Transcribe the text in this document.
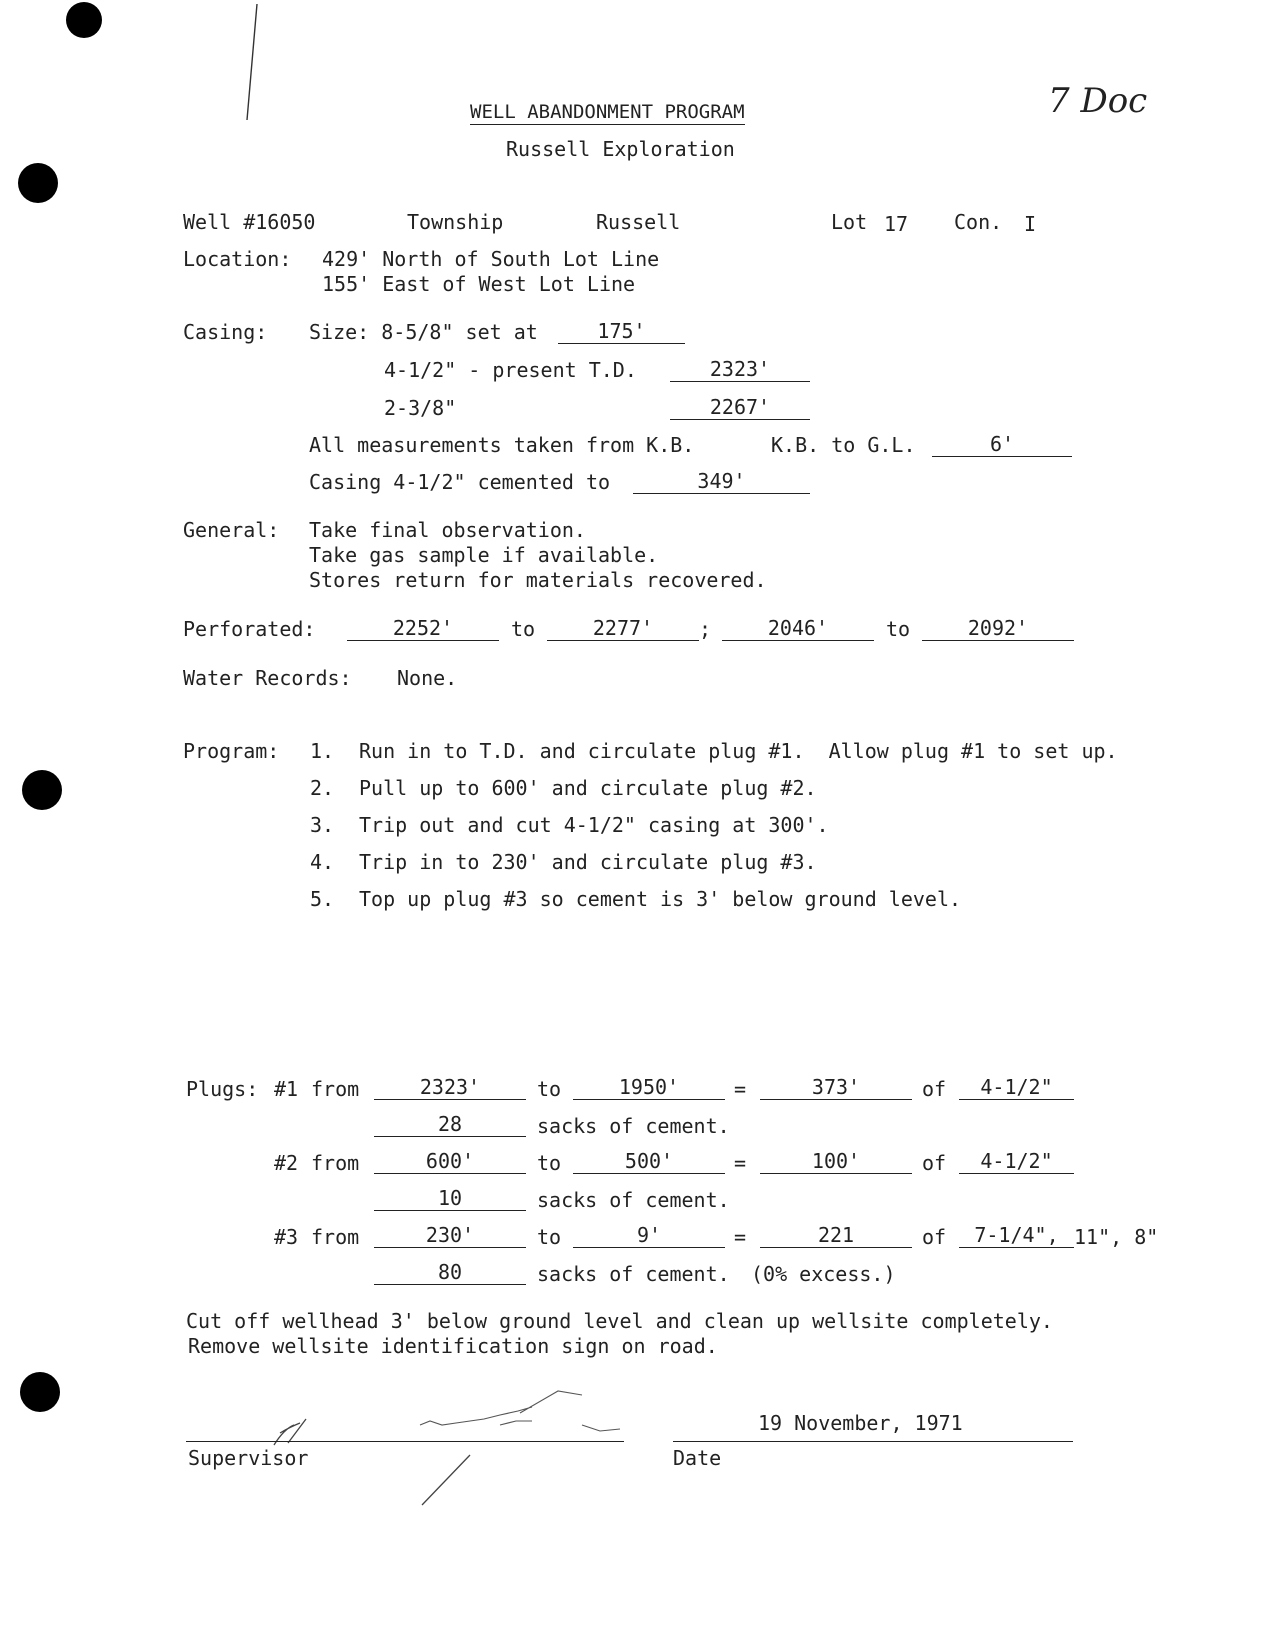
WELL ABANDONMENT PROGRAM
Russell Exploration
7 Doc
Well #16050	Township	Russell	Lot 17 Con. I
Location: 429' North of South Lot Line
155' East of West Lot Line
Casing: Size: 8-5/8" set at	175'
4-1/2" - present T.D.	2323'
2-3/8"	2267'
All measurements taken from K.B.	K.B. to G.L.	6'
Casing 4-1/2" cemented to	349'
General: Take final observation.
Take gas sample if available.
Stores return for materials recovered.
Perforated:	2252'	to	2277'	;	2046'	to	2092'
Water Records: None.
Program: 1. Run in to T.D. and circulate plug #1.  Allow plug #1 to set up.
2. Pull up to 600' and circulate plug #2.
3. Trip out and cut 4-1/2" casing at 300'.
4. Trip in to 230' and circulate plug #3.
5. Top up plug #3 so cement is 3' below ground level.
Plugs: #1 from	2323'	to	1950'	=	373'	of	4-1/2"
28	sacks of cement.
#2 from	600'	to	500'	=	100'	of	4-1/2"
10	sacks of cement.
#3 from	230'	to	9'	=	221	of	7-1/4", 11", 8"
80	sacks of cement. (0% excess.)
Cut off wellhead 3' below ground level and clean up wellsite completely.
Remove wellsite identification sign on road.
Supervisor
19 November, 1971
Date
